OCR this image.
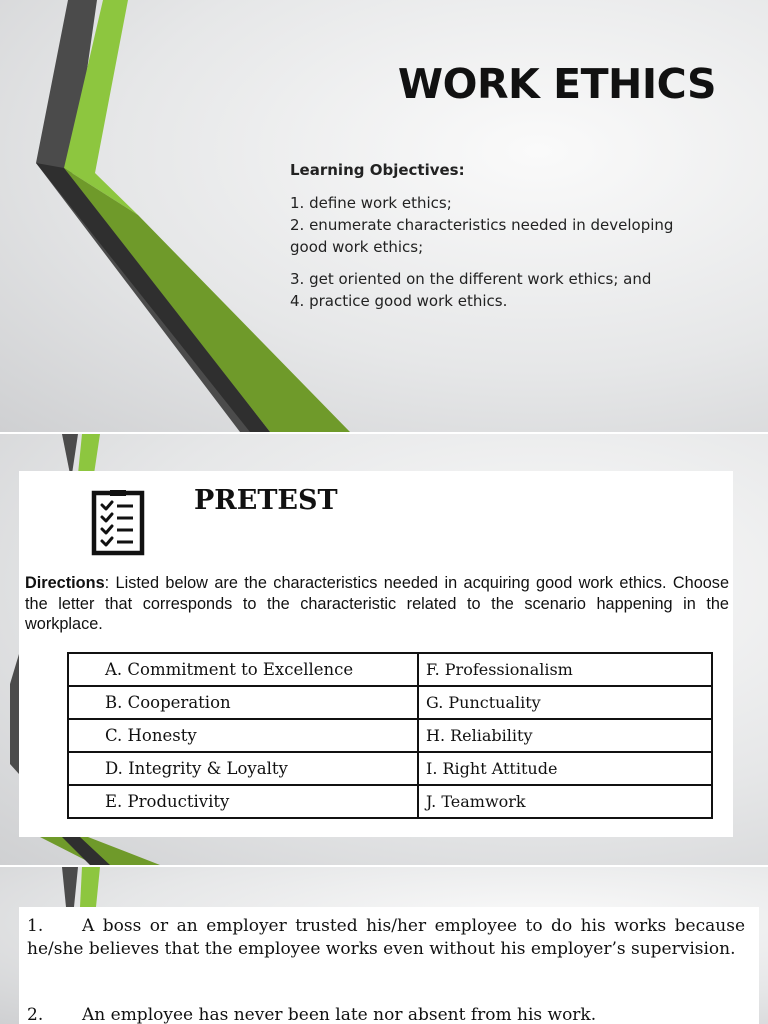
WORK ETHICS
Learning Objectives:
1. define work ethics;
2. enumerate characteristics needed in developing
good work ethics;
3. get oriented on the different work ethics; and
4. practice good work ethics.
PRETEST

Directions: Listed below are the characteristics needed in acquiring good work ethics. Choose the letter that corresponds to the characteristic related to the scenario happening in the workplace.

A. Commitment to Excellence	F. Professionalism
B. Cooperation	G. Punctuality
C. Honesty	H. Reliability
D. Integrity & Loyalty	I. Right Attitude
E. Productivity	J. Teamwork

1. A boss or an employer trusted his/her employee to do his works because he/she believes that the employee works even without his employer’s supervision.

2. An employee has never been late nor absent from his work.
